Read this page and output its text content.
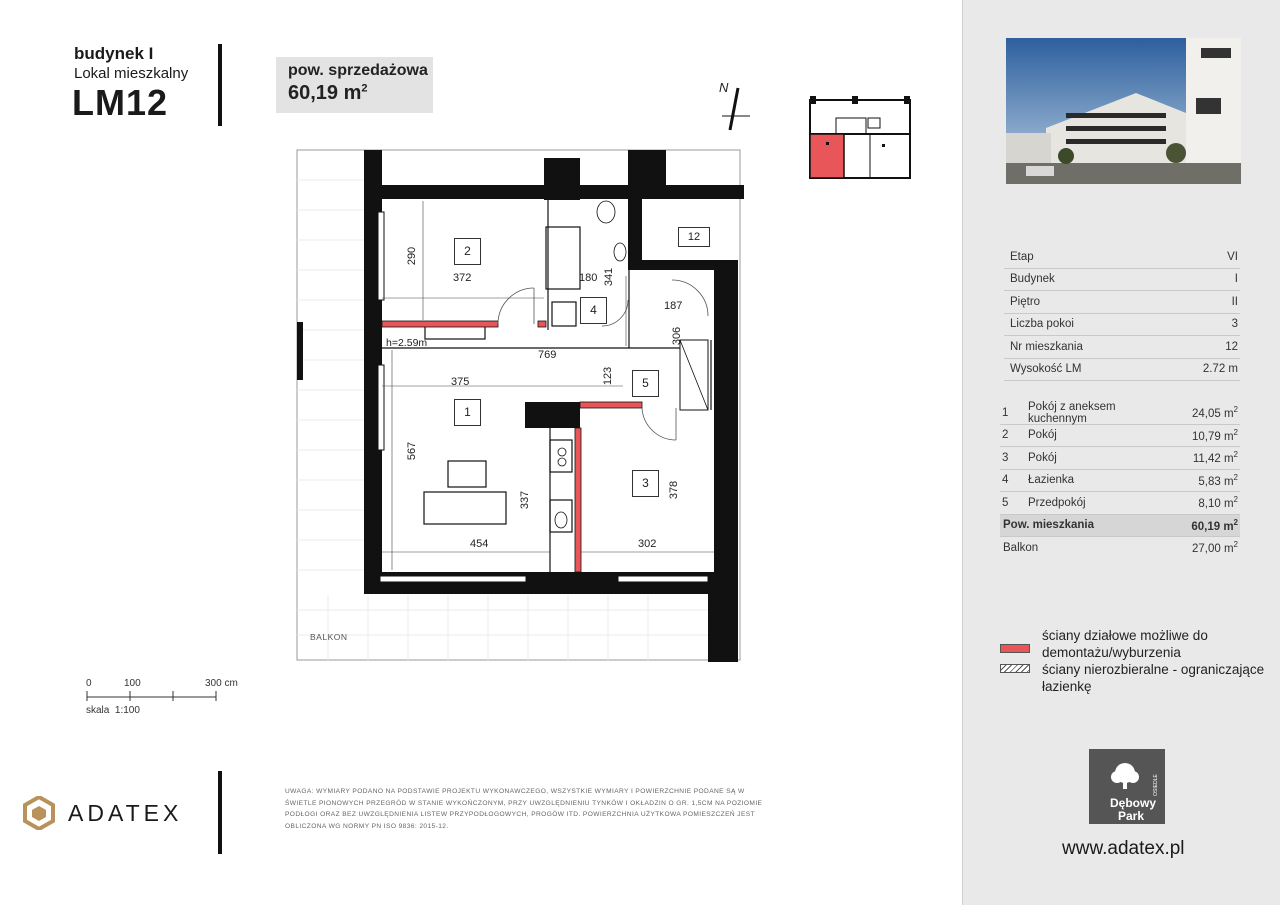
budynek I
Lokal mieszkalny
LM12
pow. sprzedażowa
60,19 $m^2$	N
2
4
5
1
3
12
290
372	180 341
187
306
h=2.59m
769
375	123
567
337
378
454	302
BALKON
Etap	VI
Budynek	I
Piętro	II
Liczba pokoi	3
Nr mieszkania	12
Wysokość LM	2.72 m
1	Pokój z aneksem kuchennym	24,05 $m^2$
2	Pokój	10,79 $m^2$
3	Pokój	11,42 $m^2$
4	Łazienka	5,83 $m^2$
5	Przedpokój	8,10 $m^2$
Pow. mieszkania	60,19 $m^2$
Balkon	27,00 $m^2$
ściany działowe możliwe do demontażu/wyburzenia
ściany nierozbieralne - ograniczające łazienkę
0	100	300 cm
skala  1:100
ADATEX
UWAGA: WYMIARY PODANO NA PODSTAWIE PROJEKTU WYKONAWCZEGO, WSZYSTKIE WYMIARY I POWIERZCHNIE PODANE SĄ W ŚWIETLE PIONOWYCH PRZEGRÓD W STANIE WYKOŃCZONYM, PRZY UWZGLĘDNIENIU TYNKÓW I OKŁADZIN O GR. 1,5CM NA POZIOMIE PODŁOGI ORAZ BEZ UWZGLĘDNIENIA LISTEW PRZYPODŁOGOWYCH, PROGÓW ITD. POWIERZCHNIA UŻYTKOWA POMIESZCZEŃ JEST OBLICZONA WG NORMY PN ISO 9836: 2015-12.
OSIEDLE
Dębowy
Park
www.adatex.pl
